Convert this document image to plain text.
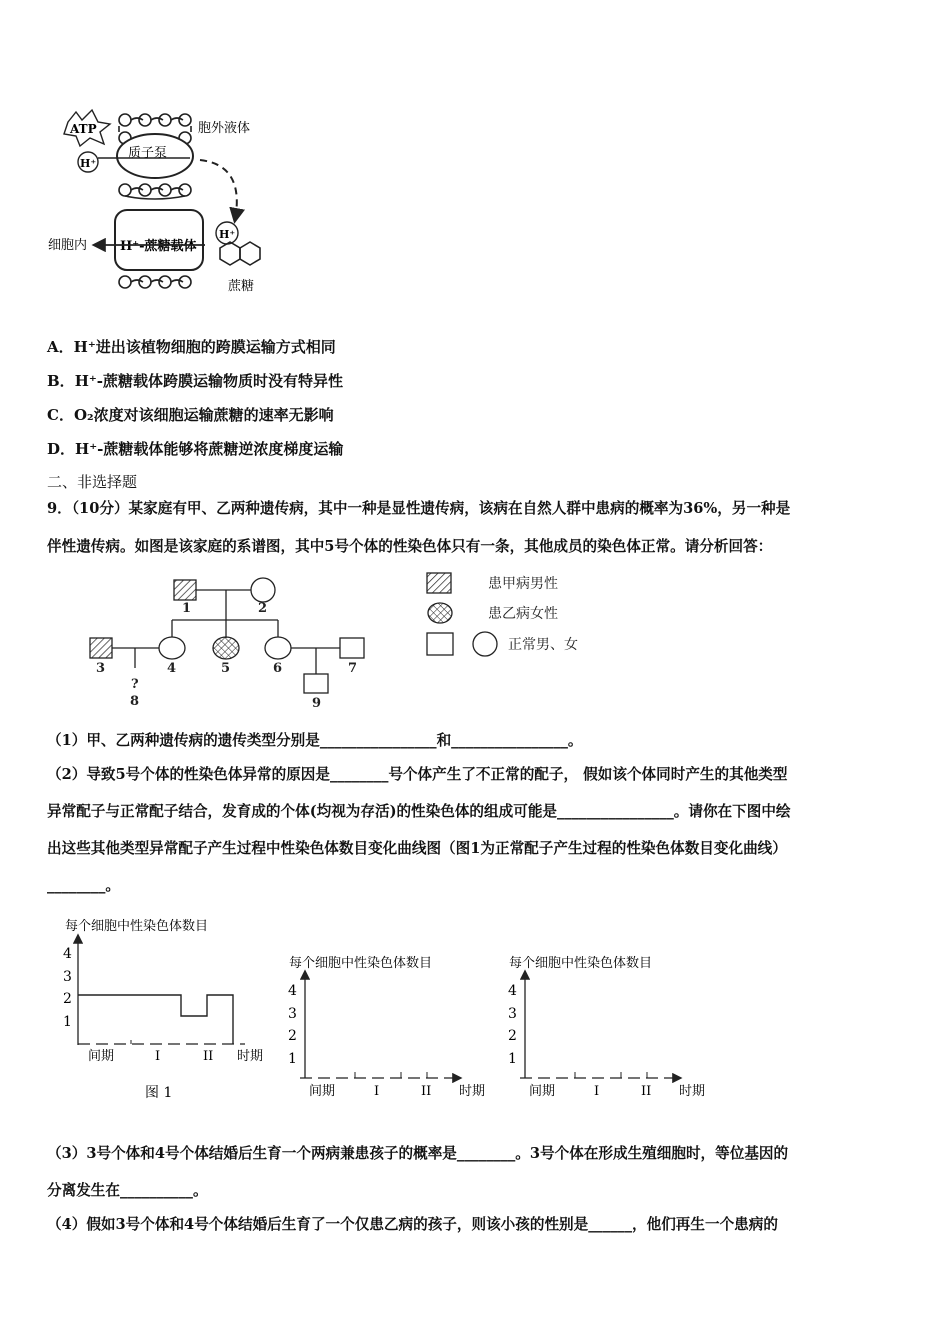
ATP
H⁺
质子泵
胞外液体
H⁺
H⁺-蔗糖载体
细胞内
蔗糖
A．H⁺进出该植物细胞的跨膜运输方式相同
B．H⁺-蔗糖载体跨膜运输物质时没有特异性
C．O₂浓度对该细胞运输蔗糖的速率无影响
D．H⁺-蔗糖载体能够将蔗糖逆浓度梯度运输
二、非选择题
9．（10分）某家庭有甲、乙两种遗传病，其中一种是显性遗传病，该病在自然人群中患病的概率为36%，另一种是
伴性遗传病。如图是该家庭的系谱图，其中5号个体的性染色体只有一条，其他成员的染色体正常。请分析回答：
1	2
3	4	5	6	7
?
8	9
患甲病男性
患乙病女性
正常男、女
（1）甲、乙两种遗传病的遗传类型分别是________________和________________。
（2）导致5号个体的性染色体异常的原因是________号个体产生了不正常的配子， 假如该个体同时产生的其他类型
异常配子与正常配子结合，发育成的个体(均视为存活)的性染色体的组成可能是________________。请你在下图中绘
出这些其他类型异常配子产生过程中性染色体数目变化曲线图（图1为正常配子产生过程的性染色体数目变化曲线）
________。
每个细胞中性染色体数目
4
3
2
1
间期	I	II 时期
图 1
每个细胞中性染色体数目
4
3
2
1
间期	I	II 时期
每个细胞中性染色体数目
4
3
2
1
间期	I	II 时期
（3）3号个体和4号个体结婚后生育一个两病兼患孩子的概率是________。3号个体在形成生殖细胞时，等位基因的
分离发生在__________。
（4）假如3号个体和4号个体结婚后生育了一个仅患乙病的孩子，则该小孩的性别是______，他们再生一个患病的
